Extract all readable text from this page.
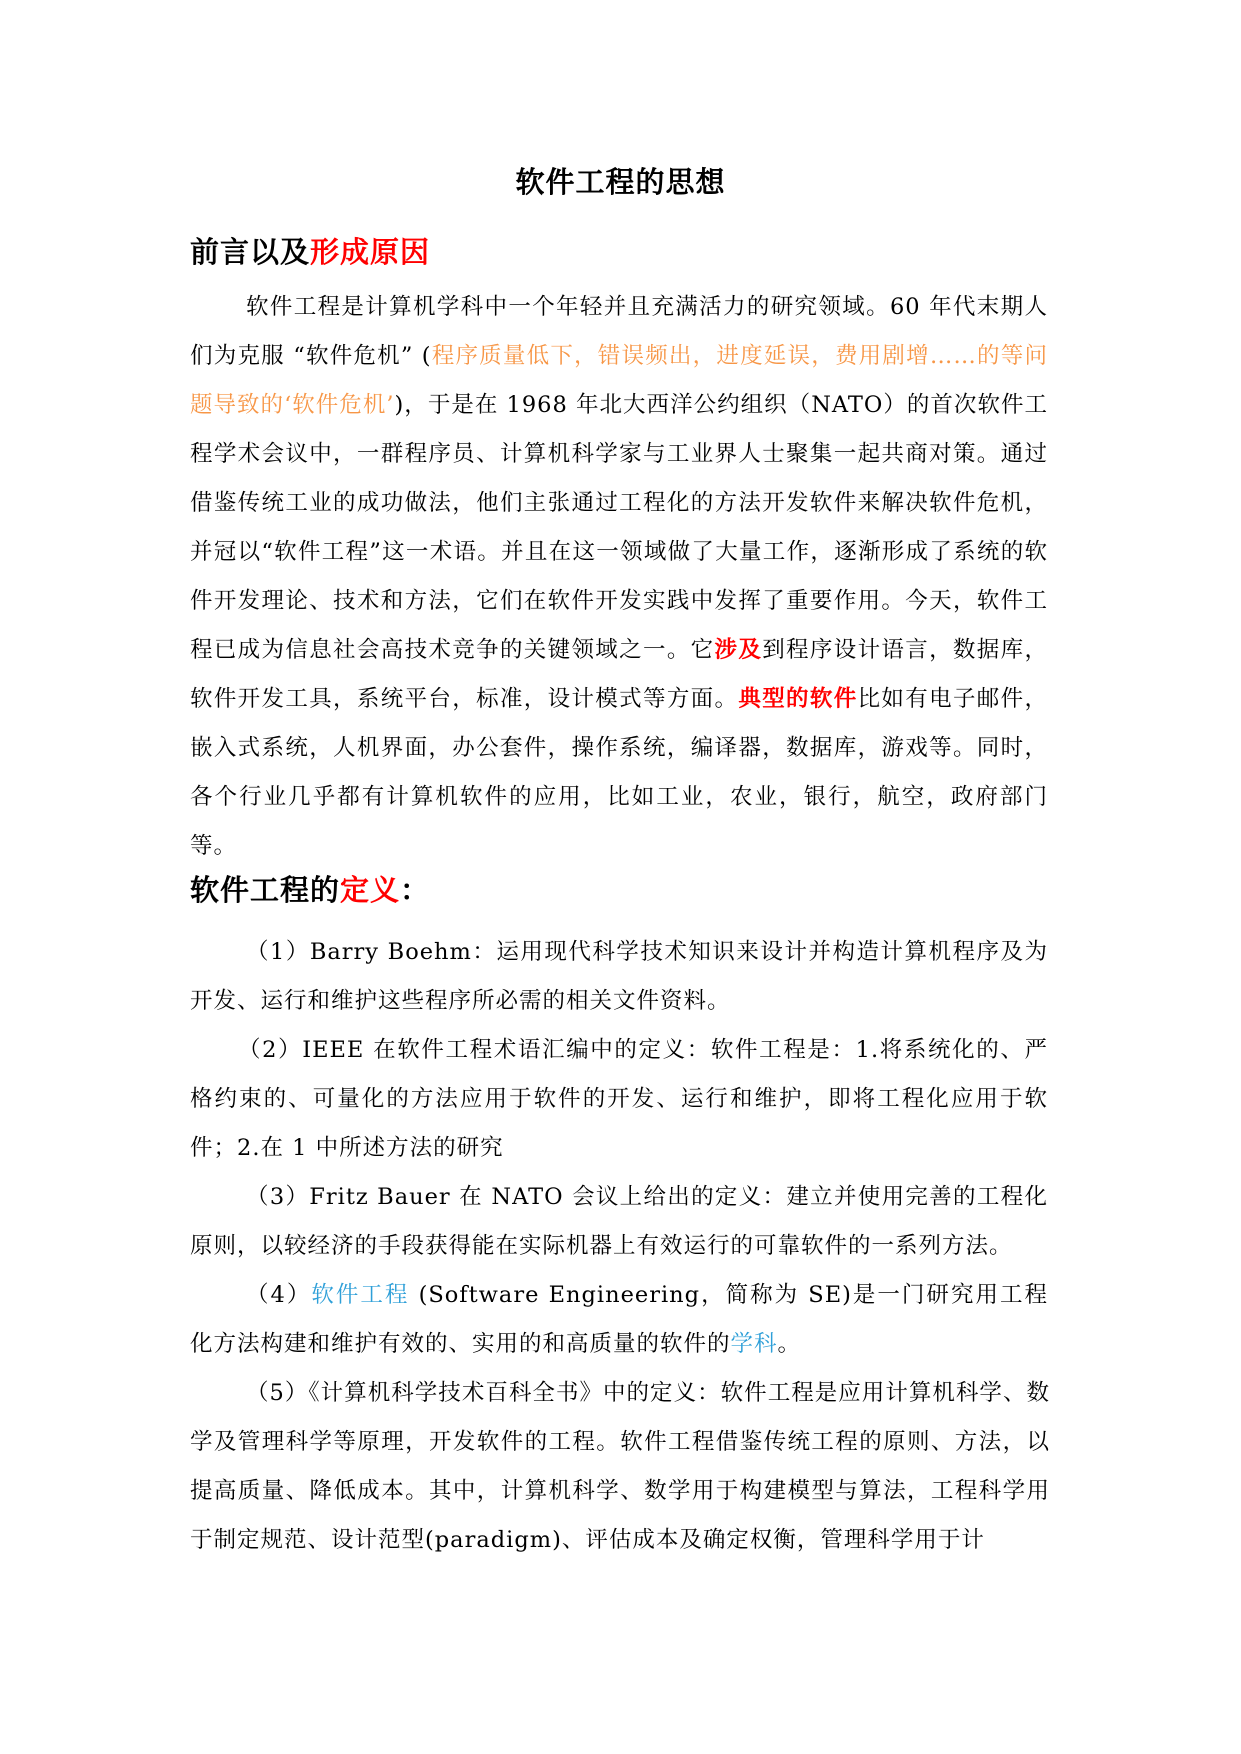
软件工程的思想
前言以及形成原因

软件工程是计算机学科中一个年轻并且充满活力的研究领域。60 年代末期人们为克服 “软件危机” (程序质量低下，错误频出，进度延误，费用剧增……的等问题导致的‘软件危机’)，于是在 1968 年北大西洋公约组织（NATO）的首次软件工程学术会议中，一群程序员、计算机科学家与工业界人士聚集一起共商对策。通过借鉴传统工业的成功做法，他们主张通过工程化的方法开发软件来解决软件危机，并冠以“软件工程”这一术语。并且在这一领域做了大量工作，逐渐形成了系统的软件开发理论、技术和方法，它们在软件开发实践中发挥了重要作用。今天，软件工程已成为信息社会高技术竞争的关键领域之一。它涉及到程序设计语言，数据库，软件开发工具，系统平台，标准，设计模式等方面。典型的软件比如有电子邮件，嵌入式系统，人机界面，办公套件，操作系统，编译器，数据库，游戏等。同时，各个行业几乎都有计算机软件的应用，比如工业，农业，银行，航空，政府部门等。

软件工程的定义：

（1）Barry Boehm：运用现代科学技术知识来设计并构造计算机程序及为开发、运行和维护这些程序所必需的相关文件资料。

（2）IEEE 在软件工程术语汇编中的定义：软件工程是：1.将系统化的、严格约束的、可量化的方法应用于软件的开发、运行和维护，即将工程化应用于软件；2.在 1 中所述方法的研究

（3）Fritz Bauer 在 NATO 会议上给出的定义：建立并使用完善的工程化原则，以较经济的手段获得能在实际机器上有效运行的可靠软件的一系列方法。

（4）软件工程 (Software Engineering，简称为 SE)是一门研究用工程化方法构建和维护有效的、实用的和高质量的软件的学科。

（5）《计算机科学技术百科全书》中的定义：软件工程是应用计算机科学、数学及管理科学等原理，开发软件的工程。软件工程借鉴传统工程的原则、方法，以提高质量、降低成本。其中，计算机科学、数学用于构建模型与算法，工程科学用于制定规范、设计范型(paradigm)、评估成本及确定权衡，管理科学用于计
